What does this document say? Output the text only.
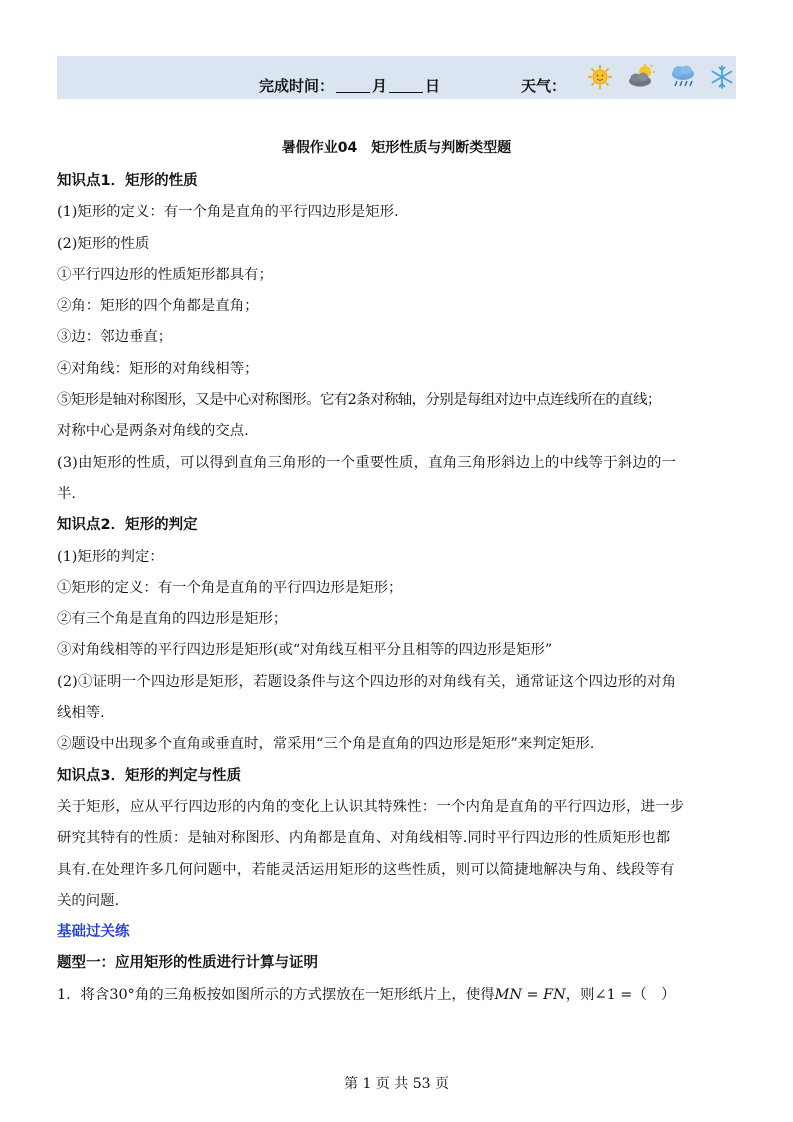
完成时间：	月	日	天气：
暑假作业04　矩形性质与判断类型题
知识点1．矩形的性质
(1)矩形的定义：有一个角是直角的平行四边形是矩形.
(2)矩形的性质
①平行四边形的性质矩形都具有；
②角：矩形的四个角都是直角；
③边：邻边垂直；
④对角线：矩形的对角线相等；
⑤矩形是轴对称图形，又是中心对称图形。它有2条对称轴，分别是每组对边中点连线所在的直线；
对称中心是两条对角线的交点.
(3)由矩形的性质，可以得到直角三角形的一个重要性质，直角三角形斜边上的中线等于斜边的一
半.
知识点2．矩形的判定
(1)矩形的判定：
①矩形的定义：有一个角是直角的平行四边形是矩形；
②有三个角是直角的四边形是矩形；
③对角线相等的平行四边形是矩形(或“对角线互相平分且相等的四边形是矩形”
(2)①证明一个四边形是矩形，若题设条件与这个四边形的对角线有关，通常证这个四边形的对角
线相等.
②题设中出现多个直角或垂直时，常采用“三个角是直角的四边形是矩形”来判定矩形.
知识点3．矩形的判定与性质
关于矩形，应从平行四边形的内角的变化上认识其特殊性：一个内角是直角的平行四边形，进一步
研究其特有的性质：是轴对称图形、内角都是直角、对角线相等.同时平行四边形的性质矩形也都
具有.在处理许多几何问题中，若能灵活运用矩形的这些性质，则可以简捷地解决与角、线段等有
关的问题.
基础过关练
题型一：应用矩形的性质进行计算与证明
1．将含30°角的三角板按如图所示的方式摆放在一矩形纸片上，使得MN = FN，则∠1 =（　）
第 1 页 共 53 页
